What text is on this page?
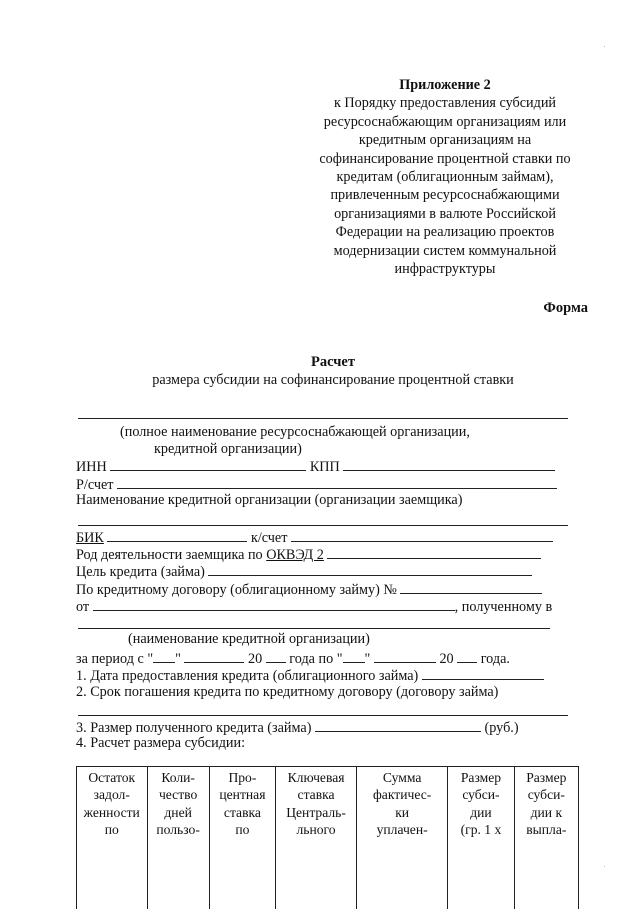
Приложение 2
к Порядку предоставления субсидий
ресурсоснабжающим организациям или
кредитным организациям на
софинансирование процентной ставки по
кредитам (облигационным займам),
привлеченным ресурсоснабжающими
организациями в валюте Российской
Федерации на реализацию проектов
модернизации систем коммунальной
инфраструктуры
Форма
Расчет
размера субсидии на софинансирование процентной ставки
(полное наименование ресурсоснабжающей организации,
кредитной организации)
ИНН	КПП
Р/счет
Наименование кредитной организации (организации заемщика)
БИК	к/счет
Род деятельности заемщика по ОКВЭД 2
Цель кредита (займа)
По кредитному договору (облигационному займу) №
от	, полученному в
(наименование кредитной организации)
за период с " "	20 года по " "	20 года.
1. Дата предоставления кредита (облигационного займа)
2. Срок погашения кредита по кредитному договору (договору займа)
3. Размер полученного кредита (займа)	(руб.)
4. Расчет размера субсидии:
Остаток
задол-
женности
по

Коли-
чество
дней
пользо-

Про-
центная
ставка
по

Ключевая
ставка
Централь-
льного

Сумма
фактичес-
ки
уплачен-

Размер
субси-
дии
(гр. 1 х

Размер
субси-
дии к
выпла-
